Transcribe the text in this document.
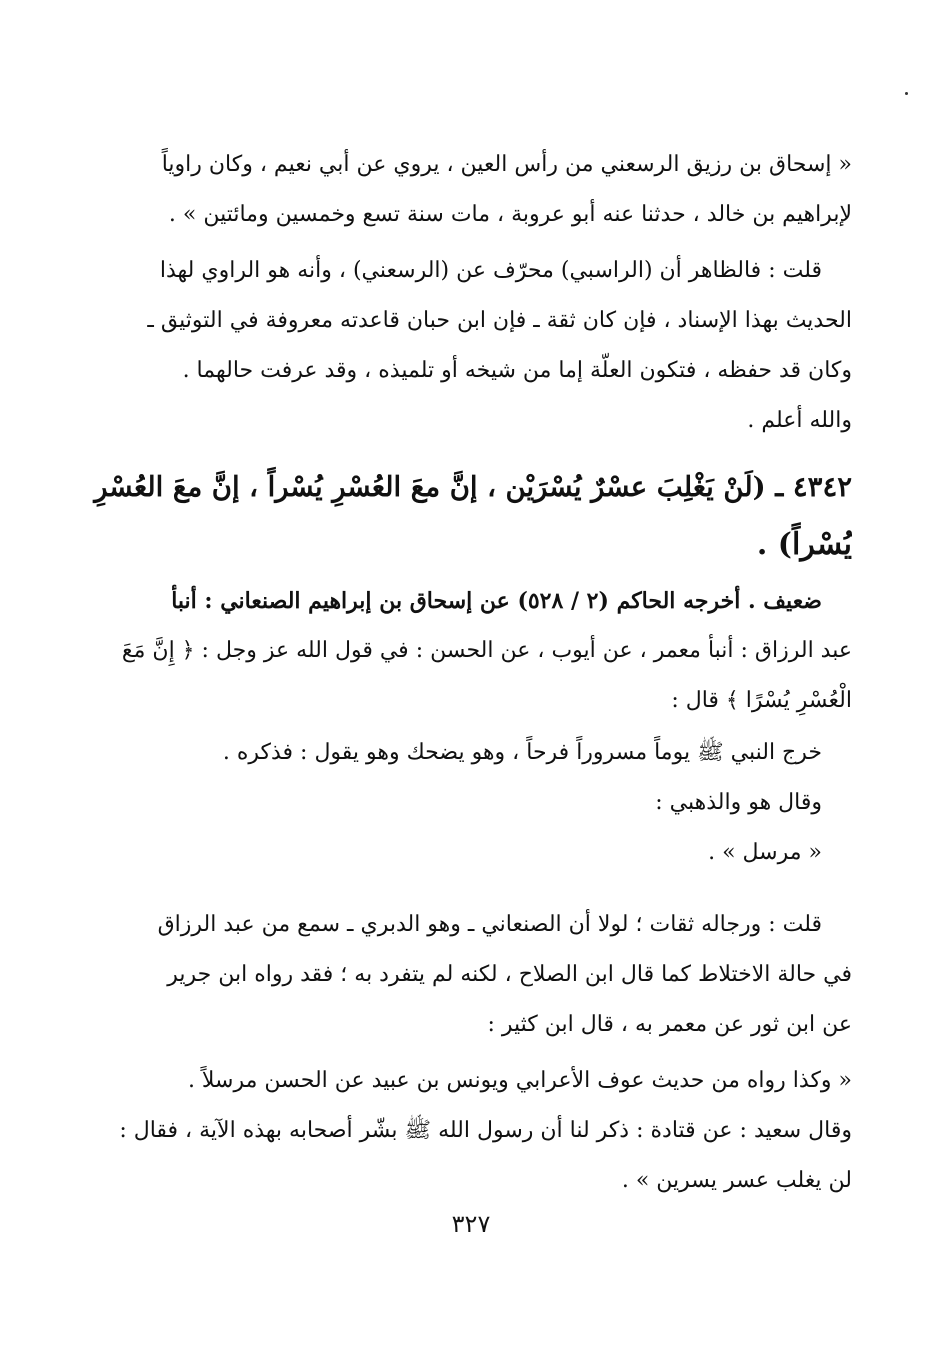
« إسحاق بن رزيق الرسعني من رأس العين ، يروي عن أبي نعيم ، وكان راوياً
لإبراهيم بن خالد ، حدثنا عنه أبو عروبة ، مات سنة تسع وخمسين ومائتين » .
قلت : فالظاهر أن (الراسبي) محرّف عن (الرسعني) ، وأنه هو الراوي لهذا
الحديث بهذا الإسناد ، فإن كان ثقة ـ فإن ابن حبان قاعدته معروفة في التوثيق ـ
وكان قد حفظه ، فتكون العلّة إما من شيخه أو تلميذه ، وقد عرفت حالهما .
والله أعلم .
٤٣٤٢ ـ (لَنْ يَغْلِبَ عسْرٌ يُسْرَيْن ، إنَّ معَ العُسْرِ يُسْراً ، إنَّ معَ العُسْرِ
يُسْراً) .
ضعيف . أخرجه الحاكم (٢ / ٥٢٨) عن إسحاق بن إبراهيم الصنعاني : أنبأ
عبد الرزاق : أنبأ معمر ، عن أيوب ، عن الحسن : في قول الله عز وجل : ﴿ إِنَّ مَعَ
الْعُسْرِ يُسْرًا ﴾ قال :
خرج النبي ﷺ يوماً مسروراً فرحاً ، وهو يضحك وهو يقول : فذكره .
وقال هو والذهبي :
« مرسل » .
قلت : ورجاله ثقات ؛ لولا أن الصنعاني ـ وهو الدبري ـ سمع من عبد الرزاق
في حالة الاختلاط كما قال ابن الصلاح ، لكنه لم يتفرد به ؛ فقد رواه ابن جرير
عن ابن ثور عن معمر به ، قال ابن كثير :
« وكذا رواه من حديث عوف الأعرابي ويونس بن عبيد عن الحسن مرسلاً .
وقال سعيد : عن قتادة : ذكر لنا أن رسول الله ﷺ بشّر أصحابه بهذه الآية ، فقال :
لن يغلب عسر يسرين » .
٣٢٧
